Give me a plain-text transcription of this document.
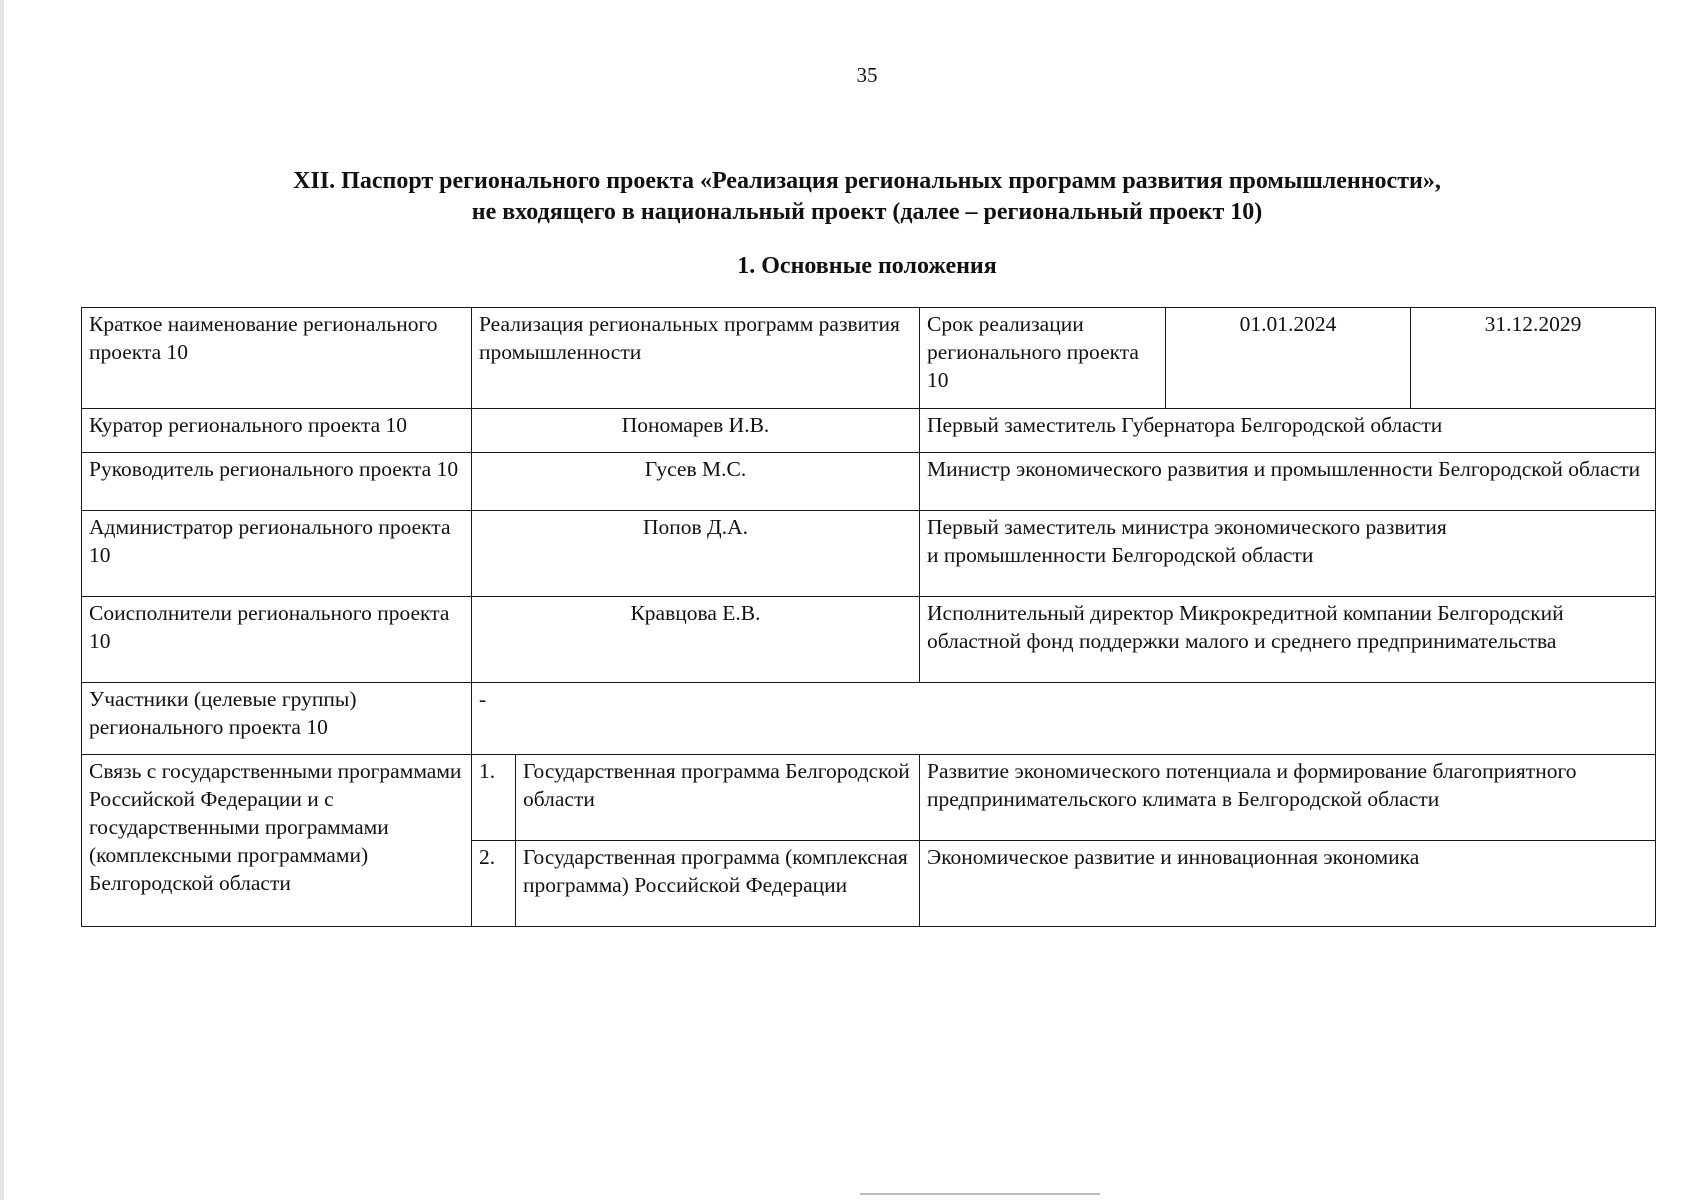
35
XII. Паспорт регионального проекта «Реализация региональных программ развития промышленности»,
не входящего в национальный проект (далее – региональный проект 10)
1. Основные положения
Краткое наименование регионального проекта 10	Реализация региональных программ развития промышленности		Срок реализации регионального проекта 10	01.01.2024	31.12.2029
Куратор регионального проекта 10	Пономарев И.В.		Первый заместитель Губернатора Белгородской области		
Руководитель регионального проекта 10	Гусев М.С.		Министр экономического развития и промышленности Белгородской области		
Администратор регионального проекта 10	Попов Д.А.		Первый заместитель министра экономического развития
и промышленности Белгородской области		

Соисполнители регионального проекта 10	Кравцова Е.В.		Исполнительный директор Микрокредитной компании Белгородский областной фонд поддержки малого и среднего предпринимательства		
Участники (целевые группы) регионального проекта 10	-				
Связь с государственными программами Российской Федерации и с государственными программами (комплексными программами) Белгородской области	1.	Государственная программа Белгородской области	Развитие экономического потенциала и формирование благоприятного предпринимательского климата в Белгородской области		
	2.	Государственная программа (комплексная программа) Российской Федерации	Экономическое развитие и инновационная экономика		
